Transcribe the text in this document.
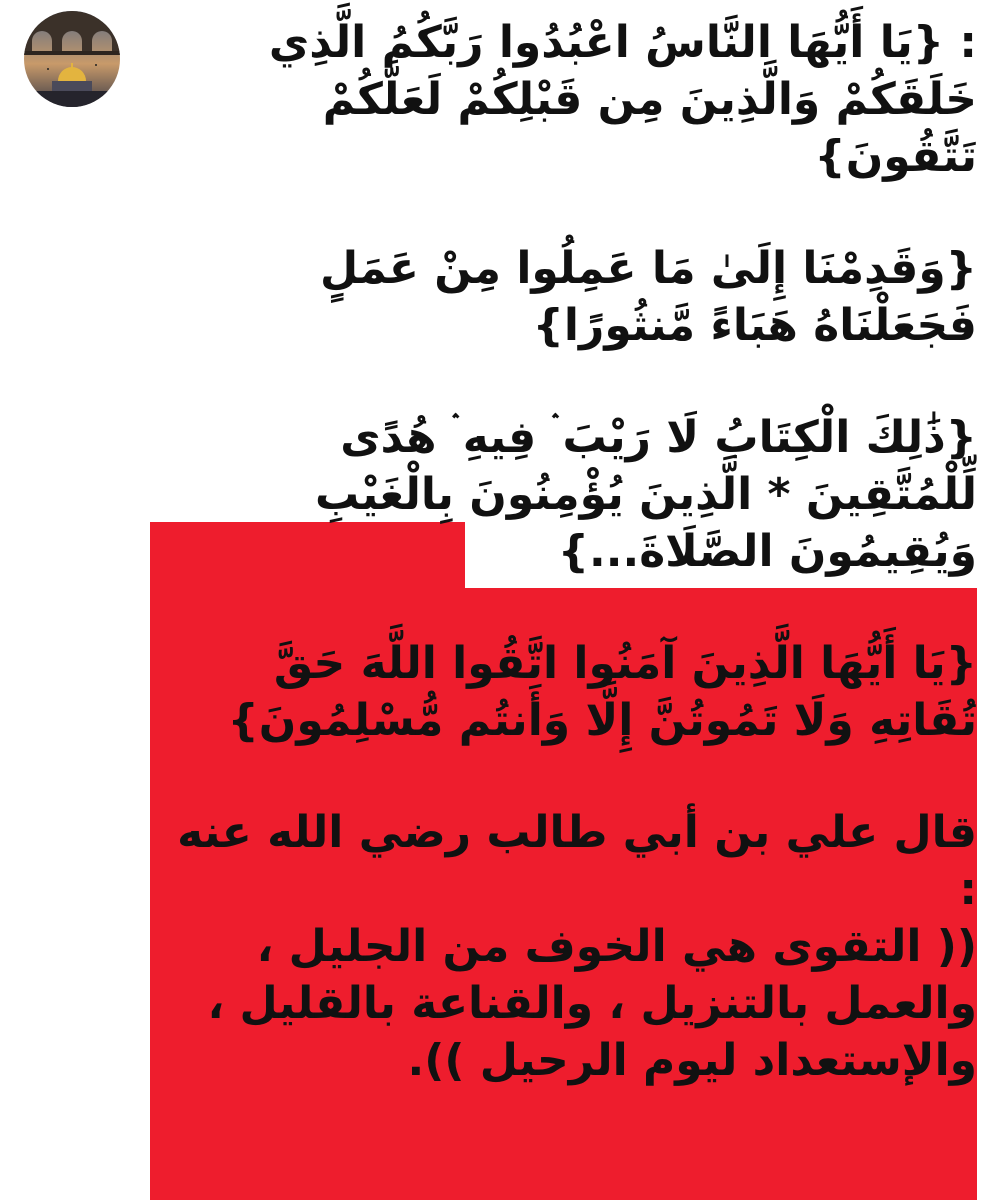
: {يَا أَيُّهَا النَّاسُ اعْبُدُوا رَبَّكُمُ الَّذِي
خَلَقَكُمْ وَالَّذِينَ مِن قَبْلِكُمْ لَعَلَّكُمْ
تَتَّقُونَ}
{وَقَدِمْنَا إِلَىٰ مَا عَمِلُوا مِنْ عَمَلٍ
فَجَعَلْنَاهُ هَبَاءً مَّنثُورًا}
{ذَٰلِكَ الْكِتَابُ لَا رَيْبَ ۛ فِيهِ ۛ هُدًى
لِّلْمُتَّقِينَ * الَّذِينَ يُؤْمِنُونَ بِالْغَيْبِ
وَيُقِيمُونَ الصَّلَاةَ...}
{يَا أَيُّهَا الَّذِينَ آمَنُوا اتَّقُوا اللَّهَ حَقَّ
تُقَاتِهِ وَلَا تَمُوتُنَّ إِلَّا وَأَنتُم مُّسْلِمُونَ}
قال علي بن أبي طالب رضي الله عنه :
(( التقوى هي الخوف من الجليل ،
والعمل بالتنزيل ، والقناعة بالقليل ،
والإستعداد ليوم الرحيل )).
